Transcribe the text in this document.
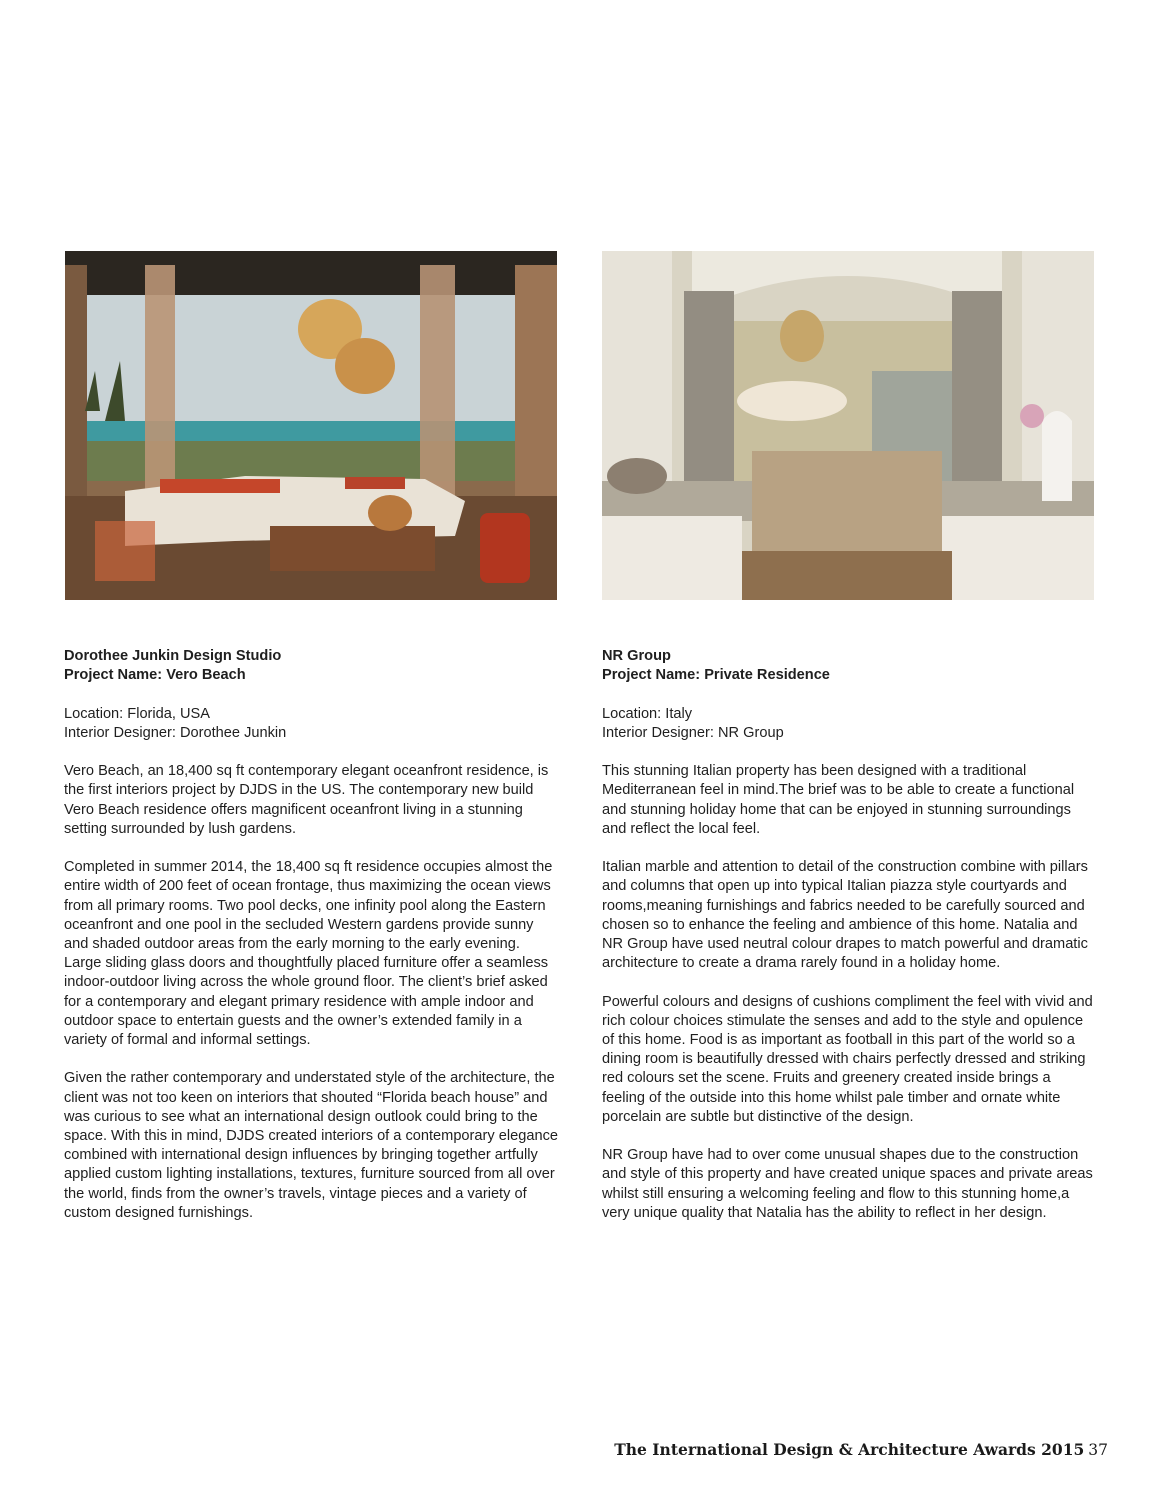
Dorothee Junkin Design Studio
Project Name: Vero Beach

Location: Florida, USA
Interior Designer: Dorothee Junkin

Vero Beach, an 18,400 sq ft contemporary elegant oceanfront residence, is the first interiors project by DJDS in the US. The contemporary new build Vero Beach residence offers magnificent oceanfront living in a stunning setting surrounded by lush gardens.

Completed in summer 2014, the 18,400 sq ft residence occupies almost the entire width of 200 feet of ocean frontage, thus maximizing the ocean views from all primary rooms. Two pool decks, one infinity pool along the Eastern oceanfront and one pool in the secluded Western gardens provide sunny and shaded outdoor areas from the early morning to the early evening. Large sliding glass doors and thoughtfully placed furniture offer a seamless indoor-outdoor living across the whole ground floor. The client’s brief asked for a contemporary and elegant primary residence with ample indoor and outdoor space to entertain guests and the owner’s extended family in a variety of formal and informal settings.

Given the rather contemporary and understated style of the architecture, the client was not too keen on interiors that shouted “Florida beach house” and was curious to see what an international design outlook could bring to the space. With this in mind, DJDS created interiors of a contemporary elegance combined with international design influences by bringing together artfully applied custom lighting installations, textures, furniture sourced from all over the world, finds from the owner’s travels, vintage pieces and a variety of custom designed furnishings.

NR Group
Project Name: Private Residence

Location: Italy
Interior Designer: NR Group

This stunning Italian property has been designed with a traditional Mediterranean feel in mind.The brief was to be able to create a functional and stunning holiday home that can be enjoyed in stunning surroundings and reflect the local feel.

Italian marble and attention to detail of the construction combine with pillars and columns that open up into typical Italian piazza style courtyards and rooms,meaning furnishings and fabrics needed to be carefully sourced and chosen so to enhance the feeling and ambience of this home. Natalia and NR Group have used neutral colour drapes to match powerful and dramatic architecture to create a drama rarely found in a holiday home.

Powerful colours and designs of cushions compliment the feel with vivid and rich colour choices stimulate the senses and add to the style and opulence of this home. Food is as important as football in this part of the world so a dining room is beautifully dressed with chairs perfectly dressed and striking red colours set the scene. Fruits and greenery created inside brings a feeling of the outside into this home whilst pale timber and ornate white porcelain are subtle but distinctive of the design.

NR Group have had to over come unusual shapes due to the construction and style of this property and have created unique spaces and private areas whilst still ensuring a welcoming feeling and flow to this stunning home,a very unique quality that Natalia has the ability to reflect in her design.

The International Design & Architecture Awards 2015 37
